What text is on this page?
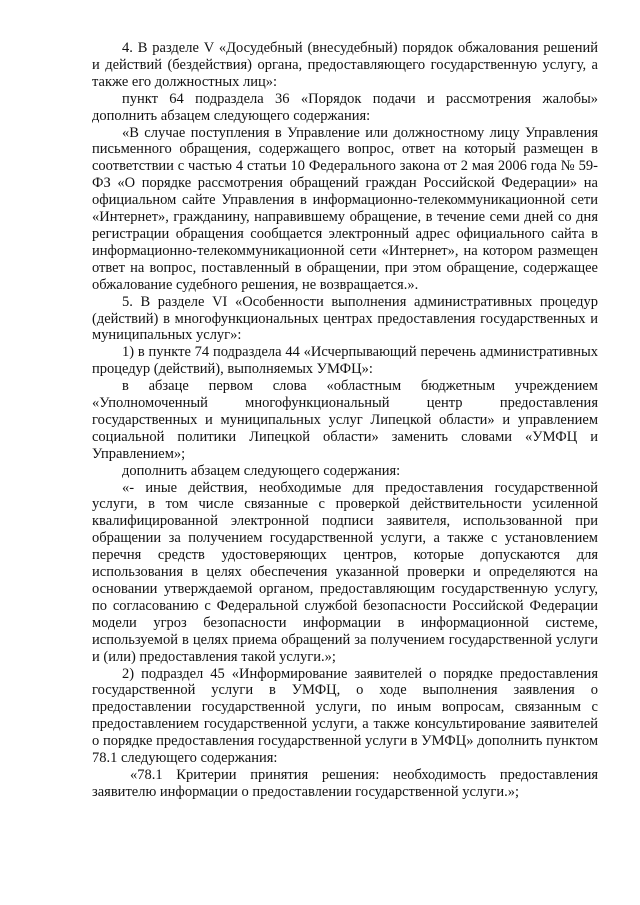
4. В разделе V «Досудебный (внесудебный) порядок обжалования решений и действий (бездействия) органа, предоставляющего государственную услугу, а также его должностных лиц»:

пункт 64 подраздела 36 «Порядок подачи и рассмотрения жалобы» дополнить абзацем следующего содержания:

«В случае поступления в Управление или должностному лицу Управления письменного обращения, содержащего вопрос, ответ на который размещен в соответствии с частью 4 статьи 10 Федерального закона от 2 мая 2006 года № 59-ФЗ «О порядке рассмотрения обращений граждан Российской Федерации» на официальном сайте Управления в информационно-телекоммуникационной сети «Интернет», гражданину, направившему обращение, в течение семи дней со дня регистрации обращения сообщается электронный адрес официального сайта в информационно-телекоммуникационной сети «Интернет», на котором размещен ответ на вопрос, поставленный в обращении, при этом обращение, содержащее обжалование судебного решения, не возвращается.».

5. В разделе VI «Особенности выполнения административных процедур (действий) в многофункциональных центрах предоставления государственных и муниципальных услуг»:

1) в пункте 74 подраздела 44 «Исчерпывающий перечень административных процедур (действий), выполняемых УМФЦ»:

в абзаце первом слова «областным бюджетным учреждением «Уполномоченный многофункциональный центр предоставления государственных и муниципальных услуг Липецкой области» и управлением социальной политики Липецкой области» заменить словами «УМФЦ и Управлением»;

дополнить абзацем следующего содержания:

«- иные действия, необходимые для предоставления государственной услуги, в том числе связанные с проверкой действительности усиленной квалифицированной электронной подписи заявителя, использованной при обращении за получением государственной услуги, а также с установлением перечня средств удостоверяющих центров, которые допускаются для использования в целях обеспечения указанной проверки и определяются на основании утверждаемой органом, предоставляющим государственную услугу, по согласованию с Федеральной службой безопасности Российской Федерации модели угроз безопасности информации в информационной системе, используемой в целях приема обращений за получением государственной услуги и (или) предоставления такой услуги.»;

2) подраздел 45 «Информирование заявителей о порядке предоставления государственной услуги в УМФЦ, о ходе выполнения заявления о предоставлении государственной услуги, по иным вопросам, связанным с предоставлением государственной услуги, а также консультирование заявителей о порядке предоставления государственной услуги в УМФЦ» дополнить пунктом 78.1 следующего содержания:

«78.1 Критерии принятия решения: необходимость предоставления заявителю информации о предоставлении государственной услуги.»;
